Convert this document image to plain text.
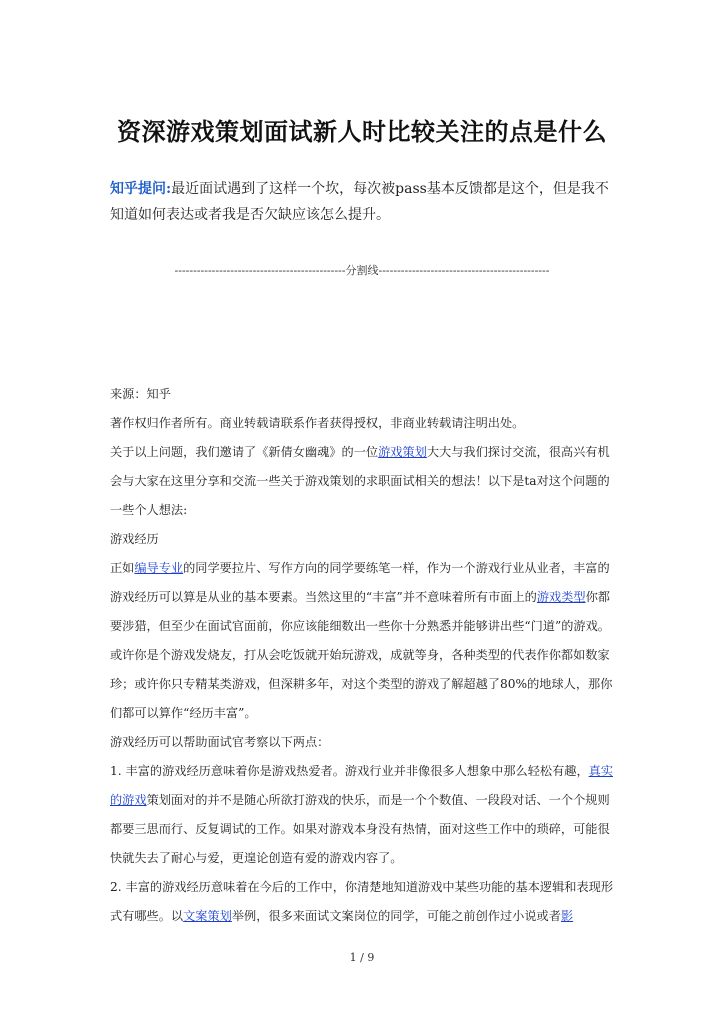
资深游戏策划面试新人时比较关注的点是什么
知乎提问:最近面试遇到了这样一个坎，每次被pass基本反馈都是这个，但是我不知道如何表达或者我是否欠缺应该怎么提升。
----------------------------------------------分割线----------------------------------------------

来源：知乎

著作权归作者所有。商业转载请联系作者获得授权，非商业转载请注明出处。

关于以上问题，我们邀请了《新倩女幽魂》的一位游戏策划大大与我们探讨交流，很高兴有机会与大家在这里分享和交流一些关于游戏策划的求职面试相关的想法！以下是ta对这个问题的一些个人想法:

游戏经历

正如编导专业的同学要拉片、写作方向的同学要练笔一样，作为一个游戏行业从业者，丰富的游戏经历可以算是从业的基本要素。当然这里的“丰富”并不意味着所有市面上的游戏类型你都要涉猎，但至少在面试官面前，你应该能细数出一些你十分熟悉并能够讲出些“门道”的游戏。或许你是个游戏发烧友，打从会吃饭就开始玩游戏，成就等身，各种类型的代表作你都如数家珍；或许你只专精某类游戏，但深耕多年，对这个类型的游戏了解超越了80%的地球人，那你们都可以算作“经历丰富”。

游戏经历可以帮助面试官考察以下两点：

1. 丰富的游戏经历意味着你是游戏热爱者。游戏行业并非像很多人想象中那么轻松有趣，真实的游戏策划面对的并不是随心所欲打游戏的快乐，而是一个个数值、一段段对话、一个个规则都要三思而行、反复调试的工作。如果对游戏本身没有热情，面对这些工作中的琐碎，可能很快就失去了耐心与爱，更遑论创造有爱的游戏内容了。

2. 丰富的游戏经历意味着在今后的工作中，你清楚地知道游戏中某些功能的基本逻辑和表现形式有哪些。以文案策划举例，很多来面试文案岗位的同学，可能之前创作过小说或者影

1 / 9
